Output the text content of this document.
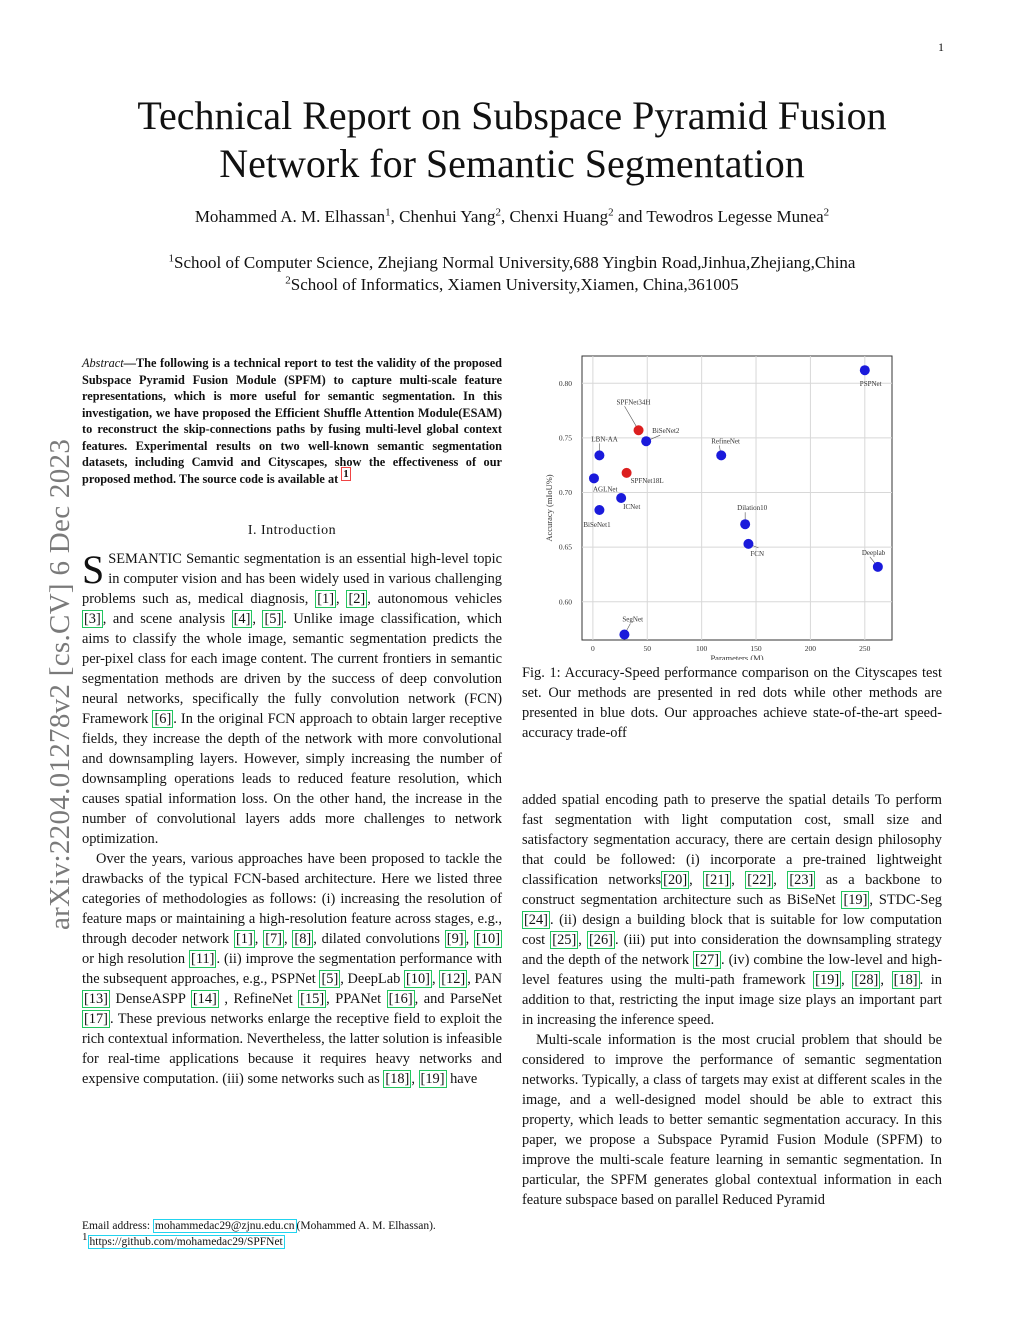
1
arXiv:2204.01278v2 [cs.CV] 6 Dec 2023
Technical Report on Subspace Pyramid Fusion
Network for Semantic Segmentation
Mohammed A. M. Elhassan$^1$, Chenhui Yang$^2$, Chenxi Huang$^2$ and Tewodros Legesse Munea$^2$
$^1$School of Computer Science, Zhejiang Normal University,688 Yingbin Road,Jinhua,Zhejiang,China
$^2$School of Informatics, Xiamen University,Xiamen, China,361005
Abstract—The following is a technical report to test the validity of the proposed Subspace Pyramid Fusion Module (SPFM) to capture multi-scale feature representations, which is more useful for semantic segmentation. In this investigation, we have proposed the Efficient Shuffle Attention Module(ESAM) to reconstruct the skip-connections paths by fusing multi-level global context features. Experimental results on two well-known semantic segmentation datasets, including Camvid and Cityscapes, show the effectiveness of our proposed method. The source code is available at $^1$
I. Introduction

SSEMANTIC Semantic segmentation is an essential high-level topic in computer vision and has been widely used in various challenging problems such as, medical diagnosis, [1] , [2] , autonomous vehicles [3] , and scene analysis [4] , [5] . Unlike image classification, which aims to classify the whole image, semantic segmentation predicts the per-pixel class for each image content. The current frontiers in semantic segmentation methods are driven by the success of deep convolution neural networks, specifically the fully convolution network (FCN) Framework [6] . In the original FCN approach to obtain larger receptive fields, they increase the depth of the network with more convolutional and downsampling layers. However, simply increasing the number of downsampling operations leads to reduced feature resolution, which causes spatial information loss. On the other hand, the increase in the number of convolutional layers adds more challenges to network optimization.

Over the years, various approaches have been proposed to tackle the drawbacks of the typical FCN-based architecture. Here we listed three categories of methodologies as follows: (i) increasing the resolution of feature maps or maintaining a high-resolution feature across stages, e.g., through decoder network [1] , [7] , [8] , dilated convolutions [9] , [10] or high resolution [11] . (ii) improve the segmentation performance with the subsequent approaches, e.g., PSPNet [5] , DeepLab [10] , [12] , PAN [13] DenseASPP [14] , RefineNet [15] , PPANet [16] , and ParseNet [17] . These previous networks enlarge the receptive field to exploit the rich contextual information. Nevertheless, the latter solution is infeasible for real-time applications because it requires heavy networks and expensive computation. (iii) some networks such as [18] , [19] have

Email address: mohammedac29@zjnu.edu.cn (Mohammed A. M. Elhassan).
$^1$ https://github.com/mohamedac29/SPFNet
0	50	100	150	200	250
0.60
0.65
0.70
0.75
0.80
Parameters (M)
Accuracy (mIoU%)
SPFNet34H
SPFNet18L
PSPNet
BiSeNet2
LBN-AA	RefineNet
AGLNet
ICNet
BiSeNet1
Dilation10
FCN	Deeplab
SegNet
Fig. 1: Accuracy-Speed performance comparison on the Cityscapes test set. Our methods are presented in red dots while other methods are presented in blue dots. Our approaches achieve state-of-the-art speed-accuracy trade-off

added spatial encoding path to preserve the spatial details To perform fast segmentation with light computation cost, small size and satisfactory segmentation accuracy, there are certain design philosophy that could be followed: (i) incorporate a pre-trained lightweight classification networks [20] , [21] , [22] , [23] as a backbone to construct segmentation architecture such as BiSeNet [19] , STDC-Seg [24] . (ii) design a building block that is suitable for low computation cost [25] , [26] . (iii) put into consideration the downsampling strategy and the depth of the network [27] . (iv) combine the low-level and high-level features using the multi-path framework [19] , [28] , [18] . in addition to that, restricting the input image size plays an important part in increasing the inference speed.

Multi-scale information is the most crucial problem that should be considered to improve the performance of semantic segmentation networks. Typically, a class of targets may exist at different scales in the image, and a well-designed model should be able to extract this property, which leads to better semantic segmentation accuracy. In this paper, we propose a Subspace Pyramid Fusion Module (SPFM) to improve the multi-scale feature learning in semantic segmentation. In particular, the SPFM generates global contextual information in each feature subspace based on parallel Reduced Pyramid
